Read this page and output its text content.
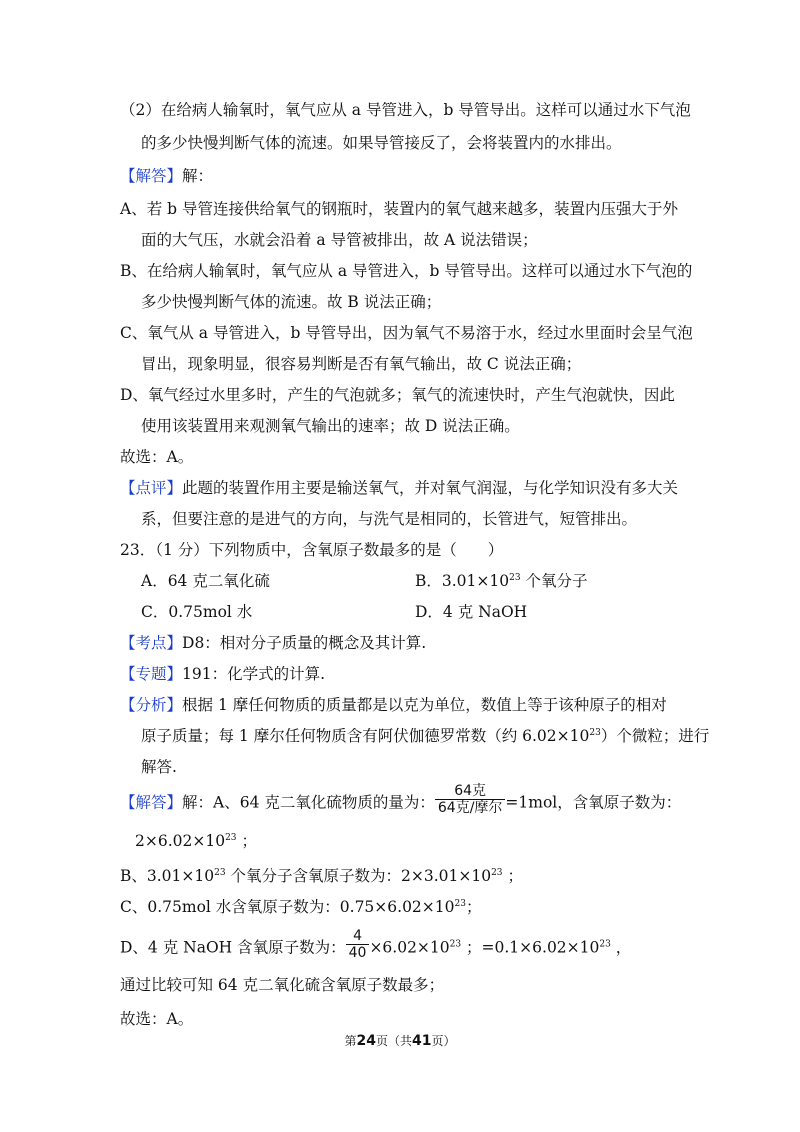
（2）在给病人输氧时，氧气应从 a 导管进入，b 导管导出。这样可以通过水下气泡
的多少快慢判断气体的流速。如果导管接反了，会将装置内的水排出。
【解答】解：
A、若 b 导管连接供给氧气的钢瓶时，装置内的氧气越来越多，装置内压强大于外
面的大气压，水就会沿着 a 导管被排出，故 A 说法错误；
B、在给病人输氧时，氧气应从 a 导管进入，b 导管导出。这样可以通过水下气泡的
多少快慢判断气体的流速。故 B 说法正确；
C、氧气从 a 导管进入，b 导管导出，因为氧气不易溶于水，经过水里面时会呈气泡
冒出，现象明显，很容易判断是否有氧气输出，故 C 说法正确；
D、氧气经过水里多时，产生的气泡就多；氧气的流速快时，产生气泡就快，因此
使用该装置用来观测氧气输出的速率；故 D 说法正确。
故选：A。
【点评】此题的装置作用主要是输送氧气，并对氧气润湿，与化学知识没有多大关
系，但要注意的是进气的方向，与洗气是相同的，长管进气，短管排出。
23．（1 分）下列物质中，含氧原子数最多的是（　　）
A．64 克二氧化硫	B．$3.01\times 10^{23}$ 个氧分子
C．0.75mol 水	D．4 克 NaOH
【考点】D8：相对分子质量的概念及其计算.
【专题】191：化学式的计算.
【分析】根据 1 摩任何物质的质量都是以克为单位，数值上等于该种原子的相对
原子质量；每 1 摩尔任何物质含有阿伏伽德罗常数（约 $6.02\times 10^{23}$）个微粒；进行
解答.
【解答】解：A、64 克二氧化硫物质的量为： $\frac{\text{64克}}{\text{64克/摩尔}} =1mol$，含氧原子数为：
$2\times 6.02\times 10^{23}$ ；
B、$3.01\times 10^{23}$ 个氧分子含氧原子数为：$2\times 3.01\times 10^{23}$ ；
C、0.75mol 水含氧原子数为：$0.75\times 6.02\times 10^{23}$；
D、4 克 NaOH 含氧原子数为： $\frac{4}{40} \times 6.02\times 10^{23}$ ；$=0.1\times 6.02\times 10^{23}$ ，
通过比较可知 64 克二氧化硫含氧原子数最多；
故选：A。
第24页（共41页）
